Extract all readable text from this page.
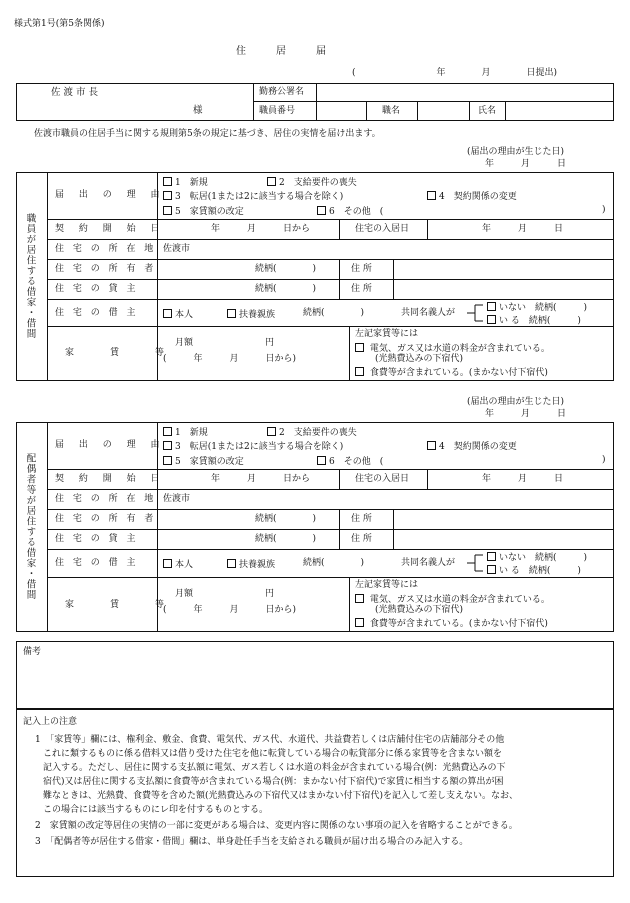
様式第1号(第5条関係)
住　　　居　　　届
(　　　　　　　　　年　　　　月　　　　日提出)
佐 渡 市 長
様
勤務公署名
職員番号	職名	氏名
佐渡市職員の住居手当に関する規則第5条の規定に基づき、居住の実情を届け出ます。
(届出の理由が生じた日)
年　　　月　　　日
職員が居住する借家・借間
届 出 の 理 由
1　新規	2　支給要件の喪失
3　転居(1または2に該当する場合を除く)	4　契約関係の変更
5　家賃額の改定	6　その他　(	)
契 約 開 始 日	年　　　月　　　日から	住宅の入居日	年　　　月　　　日
住 宅 の 所 在 地 佐渡市
住 宅 の 所 有 者	続柄(　　　　)	住 所
住 宅 の 貸 主	続柄(　　　　)	住 所
住 宅 の 借 主	本人	扶養親族	続柄(　　　　)	共同名義人が	いない　続柄(　　　)
い る　続柄(　　　)
家　　賃　　等
月額　　　　　　　　円
(　　　年　　　月　　　日から)
左記家賃等には
電気、ガス又は水道の料金が含まれている。
(光熱費込みの下宿代)
食費等が含まれている。(まかない付下宿代)
(届出の理由が生じた日)
年　　　月　　　日
配偶者等が居住する借家・借間
届 出 の 理 由
1　新規	2　支給要件の喪失
3　転居(1または2に該当する場合を除く)	4　契約関係の変更
5　家賃額の改定	6　その他　(	)
契 約 開 始 日	年　　　月　　　日から	住宅の入居日	年　　　月　　　日
住 宅 の 所 在 地 佐渡市
住 宅 の 所 有 者	続柄(　　　　)	住 所
住 宅 の 貸 主	続柄(　　　　)	住 所
住 宅 の 借 主	本人	扶養親族	続柄(　　　　)	共同名義人が	いない　続柄(　　　)
い る　続柄(　　　)
家　　賃　　等
月額　　　　　　　　円
(　　　年　　　月　　　日から)
左記家賃等には
電気、ガス又は水道の料金が含まれている。
(光熱費込みの下宿代)
食費等が含まれている。(まかない付下宿代)
備考
記入上の注意
1　「家賃等」欄には、権利金、敷金、食費、電気代、ガス代、水道代、共益費若しくは店舗付住宅の店舗部分その他
これに類するものに係る借料又は借り受けた住宅を他に転貸している場合の転貸部分に係る家賃等を含まない額を
記入する。ただし、居住に関する支払額に電気、ガス若しくは水道の料金が含まれている場合(例：光熱費込みの下
宿代)又は居住に関する支払額に食費等が含まれている場合(例：まかない付下宿代)で家賃に相当する額の算出が困
難なときは、光熱費、食費等を含めた額(光熱費込みの下宿代又はまかない付下宿代)を記入して差し支えない。なお、
この場合には該当するものにレ印を付するものとする。
2　家賃額の改定等居住の実情の一部に変更がある場合は、変更内容に関係のない事項の記入を省略することができる。
3　「配偶者等が居住する借家・借間」欄は、単身赴任手当を支給される職員が届け出る場合のみ記入する。
